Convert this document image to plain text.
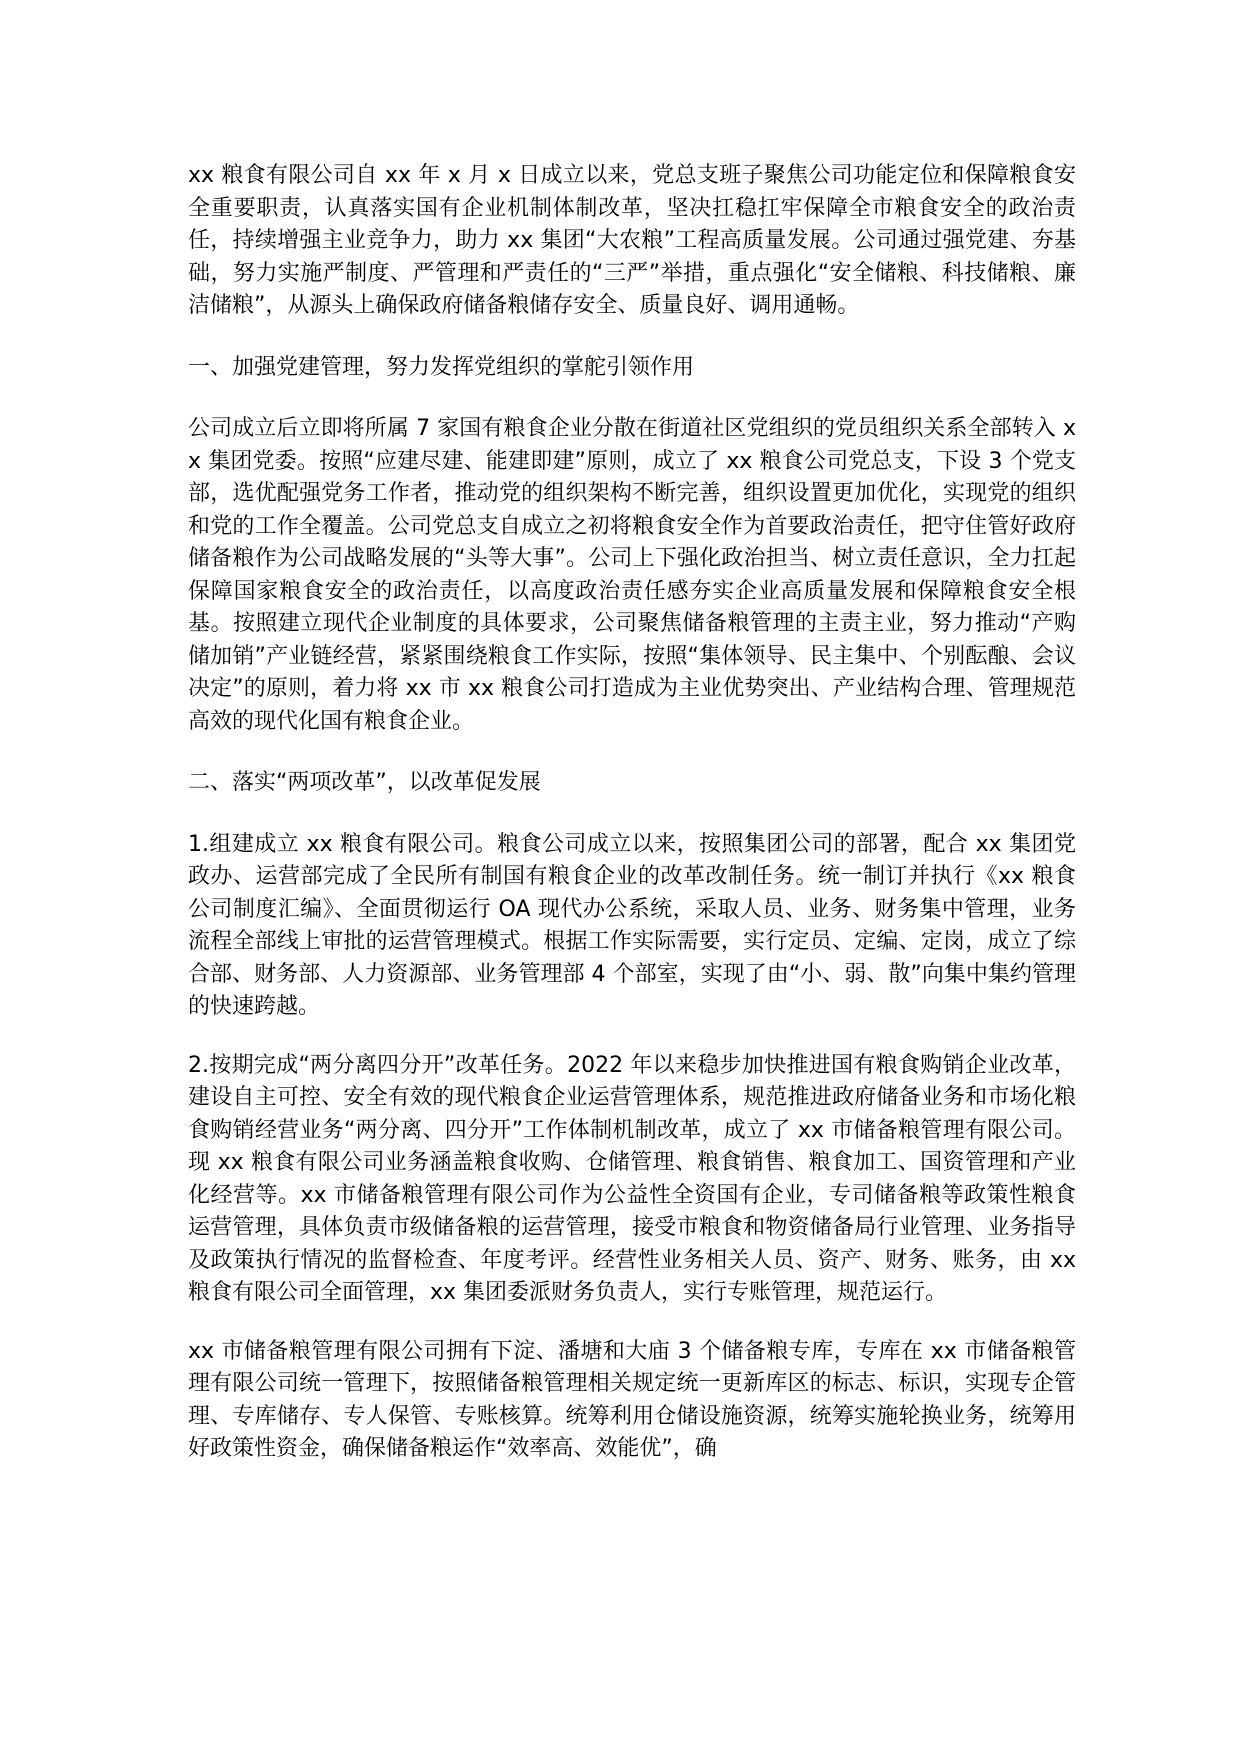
xx 粮食有限公司自 xx 年 x 月 x 日成立以来，党总支班子聚焦公司功能定位和保障粮食安全重要职责，认真落实国有企业机制体制改革，坚决扛稳扛牢保障全市粮食安全的政治责任，持续增强主业竞争力，助力 xx 集团“大农粮”工程高质量发展。公司通过强党建、夯基础，努力实施严制度、严管理和严责任的“三严”举措，重点强化“安全储粮、科技储粮、廉洁储粮”，从源头上确保政府储备粮储存安全、质量良好、调用通畅。

一、加强党建管理，努力发挥党组织的掌舵引领作用

公司成立后立即将所属 7 家国有粮食企业分散在街道社区党组织的党员组织关系全部转入 xx 集团党委。按照“应建尽建、能建即建”原则，成立了 xx 粮食公司党总支，下设 3 个党支部，选优配强党务工作者，推动党的组织架构不断完善，组织设置更加优化，实现党的组织和党的工作全覆盖。公司党总支自成立之初将粮食安全作为首要政治责任，把守住管好政府储备粮作为公司战略发展的“头等大事”。公司上下强化政治担当、树立责任意识，全力扛起保障国家粮食安全的政治责任，以高度政治责任感夯实企业高质量发展和保障粮食安全根基。按照建立现代企业制度的具体要求，公司聚焦储备粮管理的主责主业，努力推动“产购储加销”产业链经营，紧紧围绕粮食工作实际，按照“集体领导、民主集中、个别酝酿、会议决定”的原则，着力将 xx 市 xx 粮食公司打造成为主业优势突出、产业结构合理、管理规范高效的现代化国有粮食企业。

二、落实“两项改革”，以改革促发展

1.组建成立 xx 粮食有限公司。粮食公司成立以来，按照集团公司的部署，配合 xx 集团党政办、运营部完成了全民所有制国有粮食企业的改革改制任务。统一制订并执行《xx 粮食公司制度汇编》、全面贯彻运行 OA 现代办公系统，采取人员、业务、财务集中管理，业务流程全部线上审批的运营管理模式。根据工作实际需要，实行定员、定编、定岗，成立了综合部、财务部、人力资源部、业务管理部 4 个部室，实现了由“小、弱、散”向集中集约管理的快速跨越。

2.按期完成“两分离四分开”改革任务。2022 年以来稳步加快推进国有粮食购销企业改革，建设自主可控、安全有效的现代粮食企业运营管理体系，规范推进政府储备业务和市场化粮食购销经营业务“两分离、四分开”工作体制机制改革，成立了 xx 市储备粮管理有限公司。现 xx 粮食有限公司业务涵盖粮食收购、仓储管理、粮食销售、粮食加工、国资管理和产业化经营等。xx 市储备粮管理有限公司作为公益性全资国有企业，专司储备粮等政策性粮食运营管理，具体负责市级储备粮的运营管理，接受市粮食和物资储备局行业管理、业务指导及政策执行情况的监督检查、年度考评。经营性业务相关人员、资产、财务、账务，由 xx 粮食有限公司全面管理，xx 集团委派财务负责人，实行专账管理，规范运行。

xx 市储备粮管理有限公司拥有下淀、潘塘和大庙 3 个储备粮专库，专库在 xx 市储备粮管理有限公司统一管理下，按照储备粮管理相关规定统一更新库区的标志、标识，实现专企管理、专库储存、专人保管、专账核算。统筹利用仓储设施资源，统筹实施轮换业务，统筹用好政策性资金，确保储备粮运作“效率高、效能优”，确
